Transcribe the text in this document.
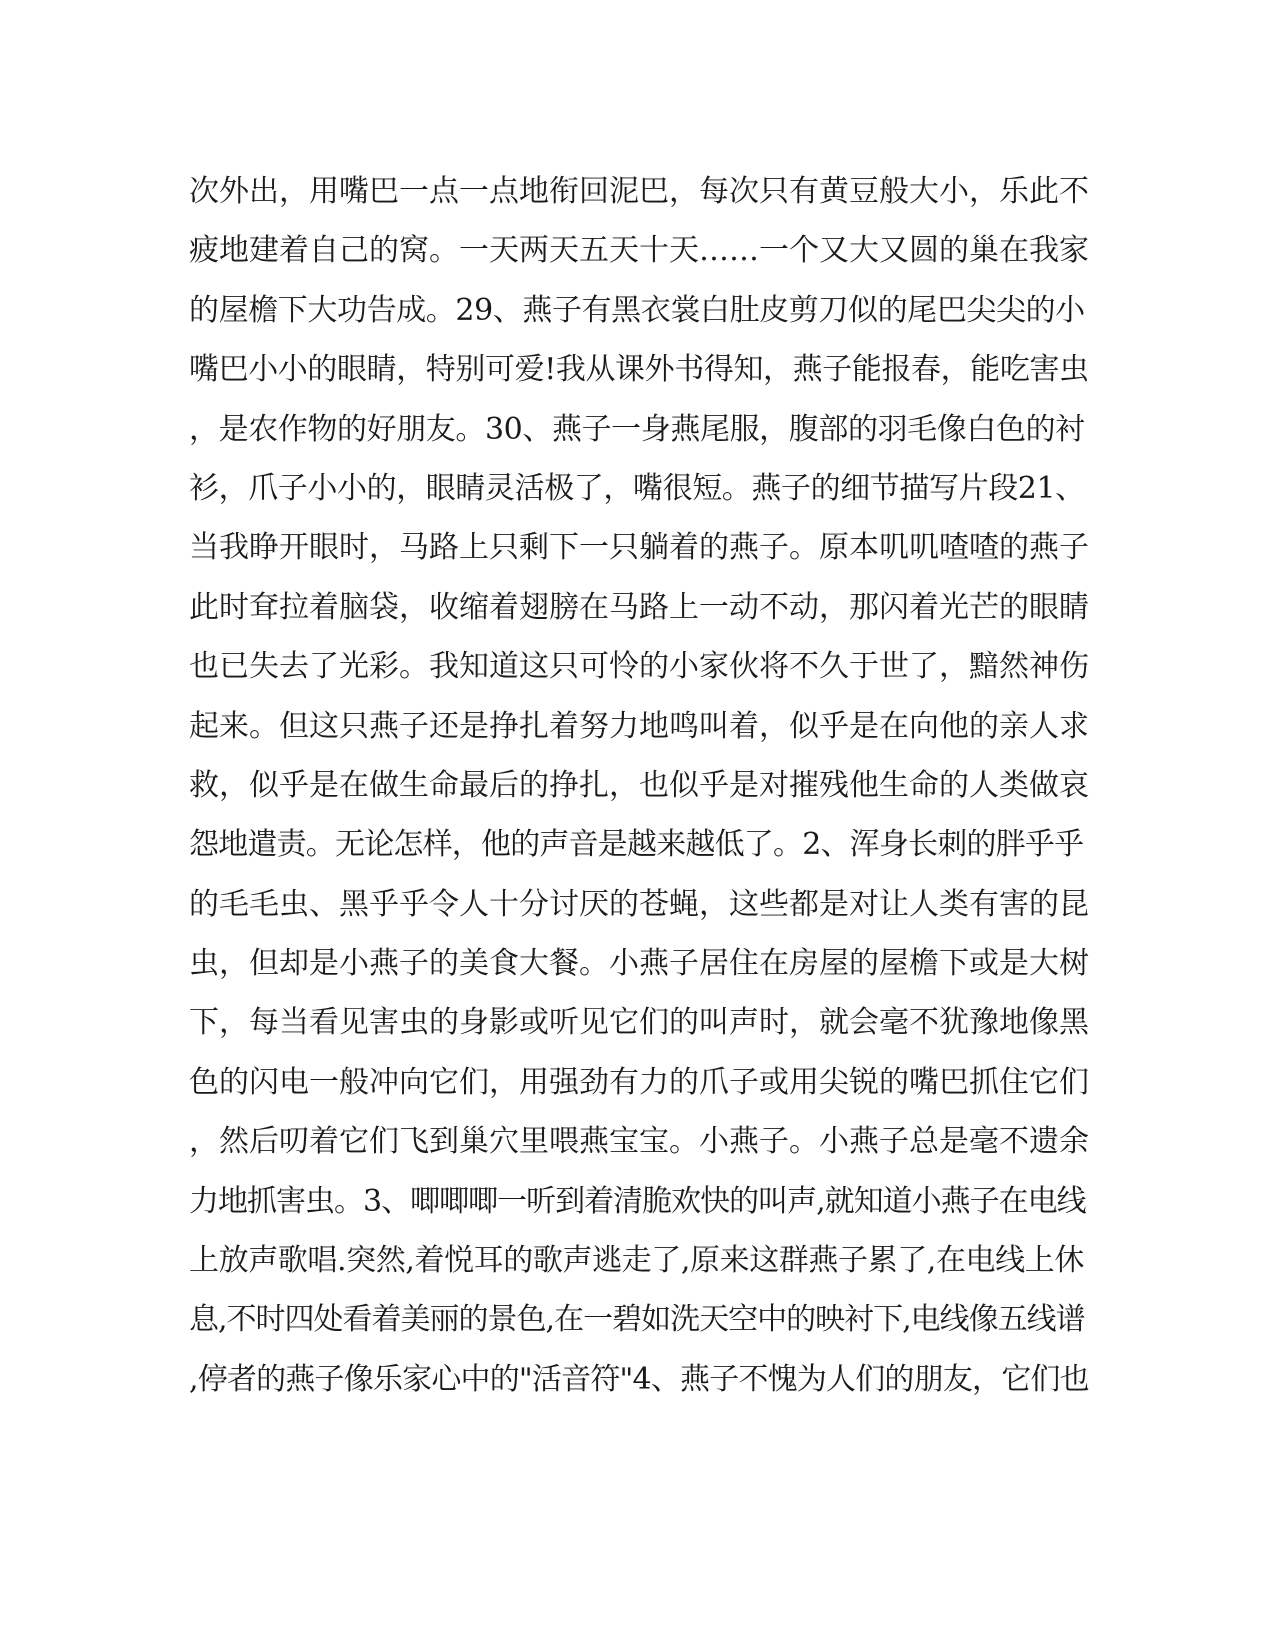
次外出，用嘴巴一点一点地衔回泥巴，每次只有黄豆般大小，乐此不
疲地建着自己的窝。一天两天五天十天……一个又大又圆的巢在我家
的屋檐下大功告成。29、燕子有黑衣裳白肚皮剪刀似的尾巴尖尖的小
嘴巴小小的眼睛，特别可爱!我从课外书得知，燕子能报春，能吃害虫
，是农作物的好朋友。30、燕子一身燕尾服，腹部的羽毛像白色的衬
衫，爪子小小的，眼睛灵活极了，嘴很短。燕子的细节描写片段21、
当我睁开眼时，马路上只剩下一只躺着的燕子。原本叽叽喳喳的燕子
此时耷拉着脑袋，收缩着翅膀在马路上一动不动，那闪着光芒的眼睛
也已失去了光彩。我知道这只可怜的小家伙将不久于世了，黯然神伤
起来。但这只燕子还是挣扎着努力地鸣叫着，似乎是在向他的亲人求
救，似乎是在做生命最后的挣扎，也似乎是对摧残他生命的人类做哀
怨地遣责。无论怎样，他的声音是越来越低了。2、浑身长刺的胖乎乎
的毛毛虫、黑乎乎令人十分讨厌的苍蝇，这些都是对让人类有害的昆
虫，但却是小燕子的美食大餐。小燕子居住在房屋的屋檐下或是大树
下，每当看见害虫的身影或听见它们的叫声时，就会毫不犹豫地像黑
色的闪电一般冲向它们，用强劲有力的爪子或用尖锐的嘴巴抓住它们
，然后叨着它们飞到巢穴里喂燕宝宝。小燕子。小燕子总是毫不遗余
力地抓害虫。3、唧唧唧一听到着清脆欢快的叫声,就知道小燕子在电线
上放声歌唱.突然,着悦耳的歌声逃走了,原来这群燕子累了,在电线上休
息,不时四处看着美丽的景色,在一碧如洗天空中的映衬下,电线像五线谱
,停者的燕子像乐家心中的"活音符"4、燕子不愧为人们的朋友，它们也
